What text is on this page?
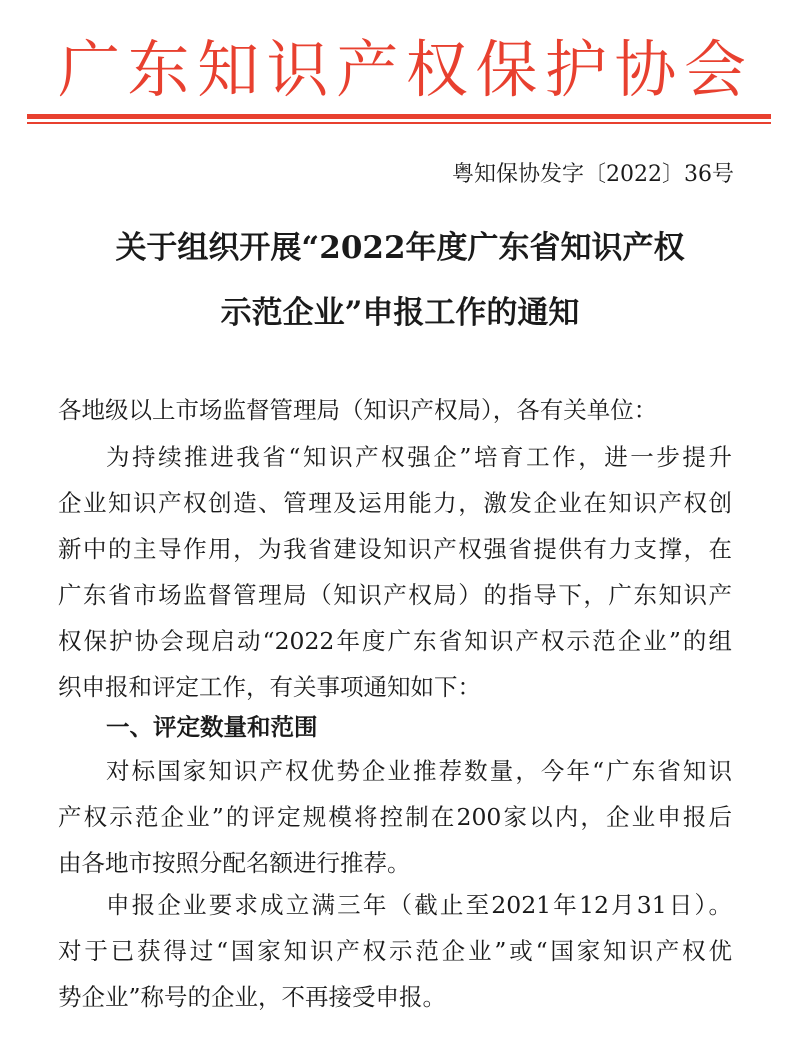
广东知识产权保护协会
粤知保协发字〔2022〕36号
关于组织开展“2022年度广东省知识产权
示范企业”申报工作的通知
各地级以上市场监督管理局（知识产权局），各有关单位：
为持续推进我省“知识产权强企”培育工作，进一步提升
企业知识产权创造、管理及运用能力，激发企业在知识产权创
新中的主导作用，为我省建设知识产权强省提供有力支撑，在
广东省市场监督管理局（知识产权局）的指导下，广东知识产
权保护协会现启动“2022年度广东省知识产权示范企业”的组
织申报和评定工作，有关事项通知如下：
一、评定数量和范围
对标国家知识产权优势企业推荐数量，今年“广东省知识
产权示范企业”的评定规模将控制在200家以内，企业申报后
由各地市按照分配名额进行推荐。
申报企业要求成立满三年（截止至2021年12月31日）。
对于已获得过“国家知识产权示范企业”或“国家知识产权优
势企业”称号的企业，不再接受申报。
